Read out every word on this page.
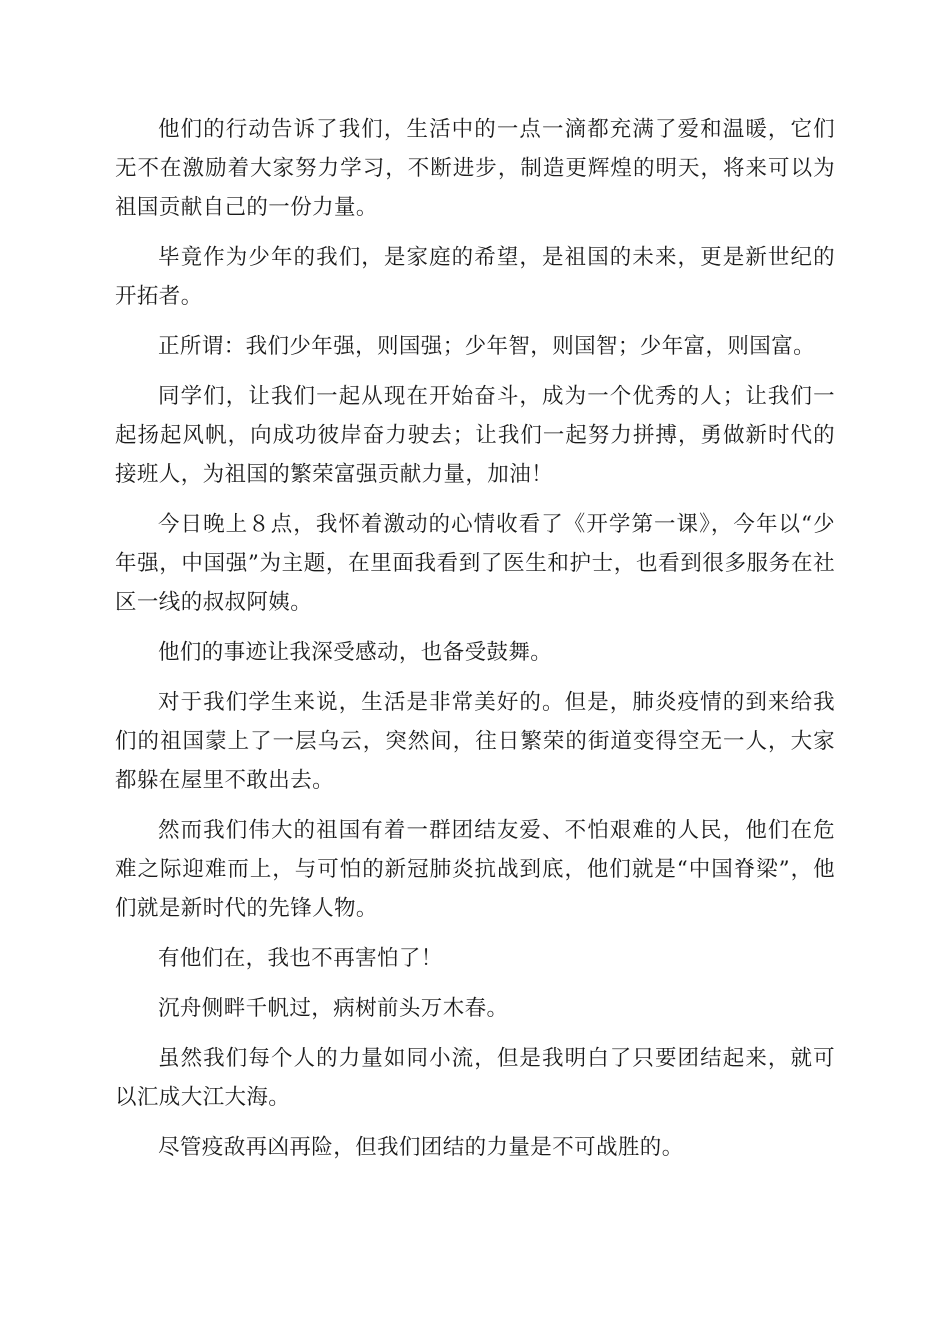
他们的行动告诉了我们，生活中的一点一滴都充满了爱和温暖，它们无不在激励着大家努力学习，不断进步，制造更辉煌的明天，将来可以为祖国贡献自己的一份力量。

毕竟作为少年的我们，是家庭的希望，是祖国的未来，更是新世纪的开拓者。

正所谓：我们少年强，则国强；少年智，则国智；少年富，则国富。

同学们，让我们一起从现在开始奋斗，成为一个优秀的人；让我们一起扬起风帆，向成功彼岸奋力驶去；让我们一起努力拼搏，勇做新时代的接班人，为祖国的繁荣富强贡献力量，加油！

今日晚上８点，我怀着激动的心情收看了《开学第一课》，今年以“少年强，中国强”为主题，在里面我看到了医生和护士，也看到很多服务在社区一线的叔叔阿姨。

他们的事迹让我深受感动，也备受鼓舞。

对于我们学生来说，生活是非常美好的。但是，肺炎疫情的到来给我们的祖国蒙上了一层乌云，突然间，往日繁荣的街道变得空无一人，大家都躲在屋里不敢出去。

然而我们伟大的祖国有着一群团结友爱、不怕艰难的人民，他们在危难之际迎难而上，与可怕的新冠肺炎抗战到底，他们就是“中国脊梁”，他们就是新时代的先锋人物。

有他们在，我也不再害怕了！

沉舟侧畔千帆过，病树前头万木春。

虽然我们每个人的力量如同小流，但是我明白了只要团结起来，就可以汇成大江大海。

尽管疫敌再凶再险，但我们团结的力量是不可战胜的。
